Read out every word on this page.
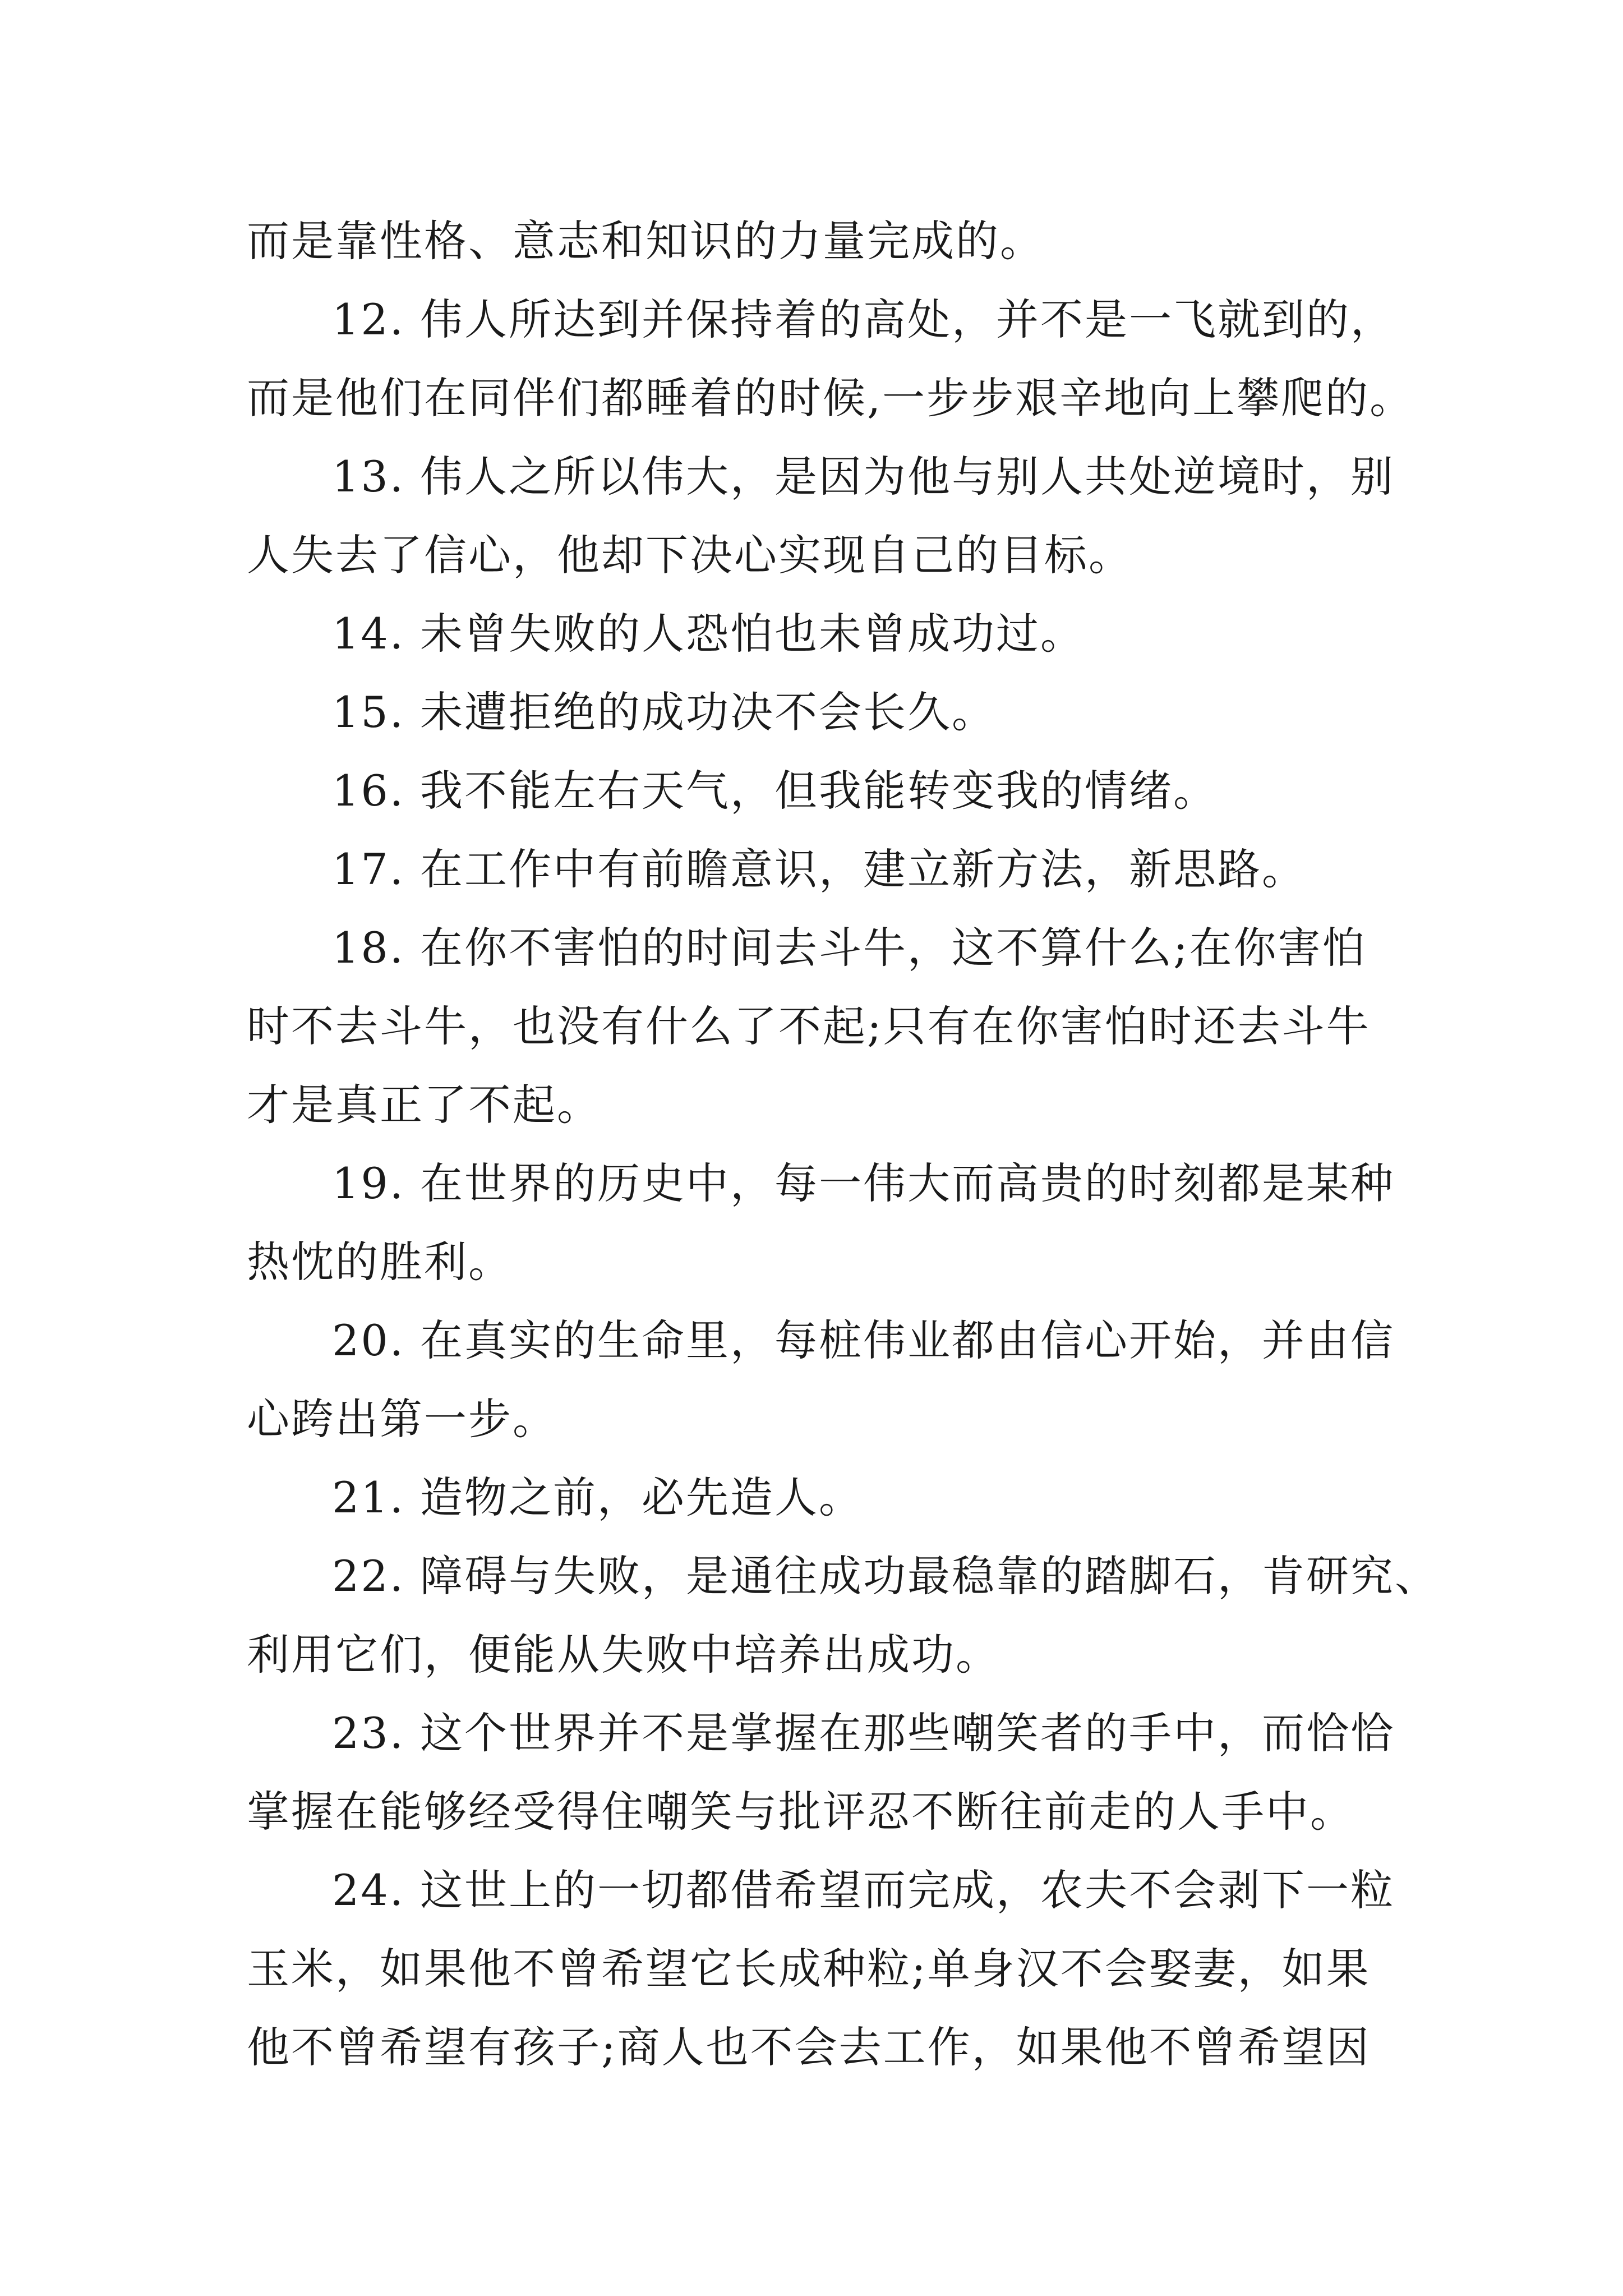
而是靠性格、意志和知识的力量完成的。
12. 伟人所达到并保持着的高处，并不是一飞就到的，
而是他们在同伴们都睡着的时候,一步步艰辛地向上攀爬的。
13. 伟人之所以伟大，是因为他与别人共处逆境时，别
人失去了信心，他却下决心实现自己的目标。
14. 未曾失败的人恐怕也未曾成功过。
15. 未遭拒绝的成功决不会长久。
16. 我不能左右天气，但我能转变我的情绪。
17. 在工作中有前瞻意识，建立新方法，新思路。
18. 在你不害怕的时间去斗牛，这不算什么;在你害怕
时不去斗牛，也没有什么了不起;只有在你害怕时还去斗牛
才是真正了不起。
19. 在世界的历史中，每一伟大而高贵的时刻都是某种
热忱的胜利。
20. 在真实的生命里，每桩伟业都由信心开始，并由信
心跨出第一步。
21. 造物之前，必先造人。
22. 障碍与失败，是通往成功最稳靠的踏脚石，肯研究、
利用它们，便能从失败中培养出成功。
23. 这个世界并不是掌握在那些嘲笑者的手中，而恰恰
掌握在能够经受得住嘲笑与批评忍不断往前走的人手中。
24. 这世上的一切都借希望而完成，农夫不会剥下一粒
玉米，如果他不曾希望它长成种粒;单身汉不会娶妻，如果
他不曾希望有孩子;商人也不会去工作，如果他不曾希望因
